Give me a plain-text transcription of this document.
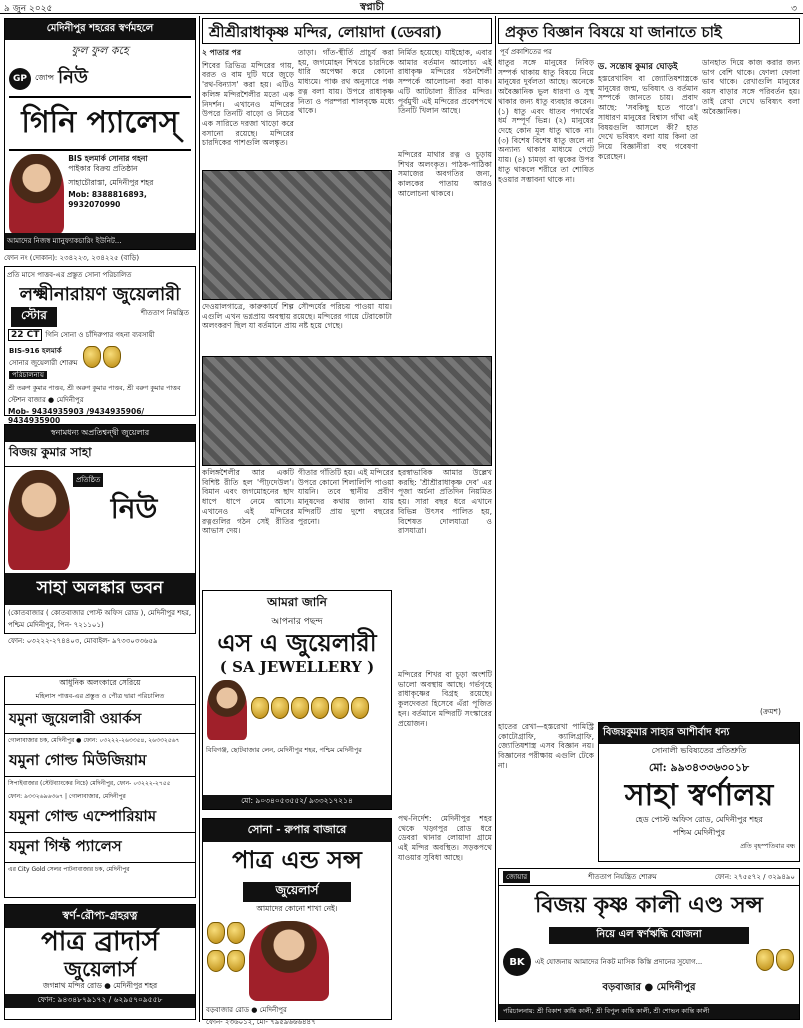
৯ জুন ২০২৫	স্বপ্নাচী	৩
মেদিনীপুর শহরের স্বর্ণমহলে
ফুল ফুল কহে
GP	জোন্স নিউ
গিনি প্যালেস্
BIS হলমার্ক সোনার গহনা
পাইকার বিক্রয় প্রতিষ্ঠান
সাহাচৌরাস্তা, মেদিনীপুর শহর
Mob: 8388816893, 9932070990
আমাদের নিজস্ব ম্যানুফ্যাকচারিং ইউনিট...
ফোন নং (দোকান): ২৩৪২২৩, ২৩৪২২৫ (বাড়ি)
প্রতি মাসে পাত্তব-এর প্রস্তুত সোনা পরিচালিত
লক্ষ্মীনারায়ণ জুয়েলারী
স্টোর	শীততাপ নিয়ন্ত্রিত
22 CT গিনি সোনা ও চাঁদিরুপার গহনা ব্যবসায়ী
BIS-916 হলমার্ক
সোনার জুয়েলারী শোরুম
পরিচালনায়
শ্রী তরুণ কুমার পাত্তব, শ্রী অরুণ কুমার পাত্তব, শ্রী বরুণ কুমার পাত্তব
স্টেশন বাজার ● মেদিনীপুর
Mob- 9434935903 /9434935906/ 9434935900
স্বনামধন্য অপ্রতিশ্বন্দ্বী জুয়েলার
বিজয় কুমার সাহা
প্রতিষ্ঠিত
নিউ
সাহা অলঙ্কার ভবন
(কোতবাজার ( কোতবাজার পোস্ট অফিস রোড ), মেদিনীপুর শহর, পশ্চিম মেদিনীপুর, পিন- ৭২১১০১)
ফোন: ০৩২২২-২৭৪৪০৩, মোবাইল- ৯৭৩৩০৩৩৬৫৯
আধুনিক অলংকারে সেরিয়ে
মহিলাস পাত্তব-এর প্রস্তুত ও পৌত্র দ্বারা পরিচালিত
যমুনা জুয়েলারী ওয়ার্কস
গোলাবাজার চক, মেদিনীপুর ● ফোন: ০৩২২২-২৬৩৩৫৪, ২৬৩৩২৫৬৭
যমুনা গোল্ড মিউজিয়াম
সিপাইবাজার (স্টেটব্যাংকের নিচে) মেদিনীপুর, ফোন- ০৩২২২-২৭৫৫
ফোন: ৯৩৩২৬৯৬৩৬৭ | গোলাবাজার, মেদিনীপুর
যমুনা গোল্ড এম্পোরিয়াম
যমুনা গিফ্ট প্যালেস
এর City Gold সেলর পাটনাবাজার চক, মেদিনীপুর
স্বর্ণ-রৌপ্য-গ্রহরত্ন
পাত্র ব্রাদার্স
জুয়েলার্স
জগন্নাথ মন্দির রোড ● মেদিনীপুর শহর
ফোন: ৯৪৩৪৮৭৯১৭২ / ৬২৯৫৭০৯৫৫৮
শ্রীশ্রীরাধাকৃষ্ণ মন্দির, লোয়াদা (ডেবরা)

২ পাতার পর

শিবের ত্রিভিত্র মন্দিরের গায়, বরত ও বাম দুটি ঘরে জুড়ে 'রথ-বিন্যাস' করা হয়। এটিও কলিঙ্গ মন্দিরশৈলীর মতো এক নিদর্শন। এখানেও মন্দিরের উপরে তিনটি বাড়ো ও নিচের এক সারিতে দরজা খাড়ো করে বসানো রয়েছে। মন্দিরের চারদিকের পাশগুলি অলঙ্কৃত।

তাড়া। গাঁত-স্থীর্তি প্রাচুর্য করা হয়, জগমোহন শিখরে চারদিকে ধারি অপেক্ষা করে কোনো মাধ্যমে। পাঞ্চ রথ অনুসারে পঞ্চ রত্ন বলা যায়। উপরে রাধাকৃষ্ণ নিত্য ও পরম্পরা শালবৃক্ষে মধ্যে থাকে।
নির্মিত হয়েছে। যাইহোক, এবার আমার বর্তমান আলোচ্য এই রাধাকৃষ্ণ মন্দিরের গঠনশৈলী সম্পর্কে আলোচনা করা যাক। এটি আটচালা রীতির মন্দির। পূর্বমুখী এই মন্দিরের প্রবেশপথে তিনটি খিলান আছে।
মন্দিরের মাথার রত্ন ও চূড়ায় শিখর অলংকৃত। পাঠক-পাঠিকা সমাজের অবগতির জন্য, কালকের পাতায় আরও আলোচনা থাকবে।
দেওয়ালগাত্রে, কারুকার্যে শিল্প সৌন্দর্যের পরিচয় পাওয়া যায়। এগুলি এখন ভগ্নপ্রায় অবস্থায় রয়েছে। মন্দিরের গায়ে টেরাকোটা অলংকরণ ছিল যা বর্তমানে প্রায় নষ্ট হয়ে গেছে।
কলিঙ্গশৈলীর আর একটি বিশিষ্ট রীতি হল 'পীঢ়়দেউল'। বিমান এবং জগমোহনের ছাদ ধাপে ধাপে নেমে আসে। এখানেও এই মন্দিরের রত্নগুলির গঠন সেই রীতির আভাস দেয়।
গীতার গাঁতিটি হয়। এই মন্দিরের উপরে কোনো শিলালিপি পাওয়া যায়নি। তবে স্থানীয় প্রবীণ মানুষদের কথায় জানা যায় মন্দিরটি প্রায় দুশো বছরের পুরনো।
হরস্বাভাবিক আমার উল্লেখ করছি: 'শ্রীশ্রীরাধাকৃষ্ণ দেব' এর পূজা অর্চনা প্রতিদিন নিয়মিত হয়। সারা বছর ধরে এখানে বিভিন্ন উৎসব পালিত হয়, বিশেষত দোলযাত্রা ও রাসযাত্রা।
আমরা জানি
আপনার পছন্দ
এস এ জুয়েলারী
( SA JEWELLERY )
বিবিগঞ্জ, ছোটবাজার লেন, মেদিনীপুর শহর, পশ্চিম মেদিনীপুর
মো: ৯০৩৪০৫৩৫৫২/ ৯৩৩২১৭২১৪
মন্দিরের শিখর বা চূড়া অংশটি ভালো অবস্থায় আছে। গর্ভগৃহে রাধাকৃষ্ণের বিগ্রহ রয়েছে। কুলদেবতা হিসেবে এঁরা পূজিত হন। বর্তমানে মন্দিরটি সংস্কারের প্রয়োজন।
সোনা - রুপার বাজারে
পাত্র এন্ড সন্স
জুয়েলার্স
আমাদের কোনো শাখা নেই।

বড়বাজার রোড ● মেদিনীপুর
ফোন- ২৩৬০১২, মো- ৭৯৫৯৬৬৬৪৪৭
পথ-নির্দেশ: মেদিনীপুর শহর থেকে খড়্গপুর রোড ধরে ডেবরা থানার লোয়াদা গ্রামে এই মন্দির অবস্থিত। সড়কপথে যাওয়ার সুবিধা আছে।
প্রকৃত বিজ্ঞান বিষয়ে যা জানাতে চাই
পূর্ব প্রকাশিতের পর
ড. সন্তোষ কুমার ঘোড়ই
ধাতুর সঙ্গে মানুষের নিবিড় সম্পর্ক থাকায় ধাতু বিষয়ে নিয়ে মানুষের দুর্বলতা আছে। অনেকে অবৈজ্ঞানিক ভুল ধারণা ও সুস্থ থাকার জন্য ধাতু ব্যবহার করেন। (১) ধাতু এবং ধাতব পদার্থের ধর্ম সম্পূর্ণ ভিন্ন। (২) মানুষের দেহে কোন মূল ধাতু থাকে না। (৩) বিশেষ বিশেষ ধাতু জলে না অন্যান্য থাকার মাধ্যমে পেটে যায়। (৪) চামড়া বা ত্বকের উপর ধাতু থাকলে শরীরে তা শোষিত হওয়ার সম্ভাবনা থাকে না।
হস্তরেখাবিদ বা জ্যোতিষশাস্ত্রকে মানুষের জন্ম, ভবিষ্যৎ ও বর্তমান সম্পর্কে জানতে চায়। প্রবাদ আছে: 'সবকিছু হতে পারে'। সাধারণ মানুষের বিশ্বাস গাঁথা এই বিষয়গুলি আসলে কী? হাত দেখে ভবিষ্যৎ বলা যায় কিনা তা নিয়ে বিজ্ঞানীরা বহু গবেষণা করেছেন।
ডানহাত দিয়ে কাজ করার জন্য ভাগ বেশি থাকে। ফোলা ফোলা ভাব থাকে। রেখাগুলি মানুষের বয়স বাড়ার সঙ্গে পরিবর্তন হয়। তাই রেখা দেখে ভবিষ্যৎ বলা অবৈজ্ঞানিক।
হাতের রেখা—হস্তরেখা পামিস্ট্রি কোটোগ্রাফি, ক্যালিগ্রাফি, জ্যোতিষশাস্ত্র এসব বিজ্ঞান নয়। বিজ্ঞানের পরীক্ষায় এগুলি টেকে না।
(ক্রমশ)
বিজয়কুমার সাহার আশীর্বাদ ধন্য
সোনালী ভবিষ্যতের প্রতিশ্রুতি
মো: ৯৯৩৪৩৩৬৩০১৮
সাহা স্বর্ণালয়
হেড পোস্ট অফিস রোড, মেদিনীপুর শহর
পশ্চিম মেদিনীপুর
প্রতি বৃহস্পতিবার বন্ধ
জোয়ার	শীততাপ নিয়ন্ত্রিত শোরুম	ফোন: ২৭৫৫৭২ / ৩২৯৪৯০
বিজয় কৃষ্ণ কালী এণ্ড সন্স
নিয়ে এল স্বর্ণঋদ্ধি যোজনা
BK	এই যোজনায় আমাদের নিকট মাসিক কিস্তি প্রদানের সুযোগ...
বড়বাজার ● মেদিনীপুর
পরিচালনায়: শ্রী বিকাশ কান্তি কালী, শ্রী বিপুল কান্তি কালী, শ্রী শোভন কান্তি কালী
